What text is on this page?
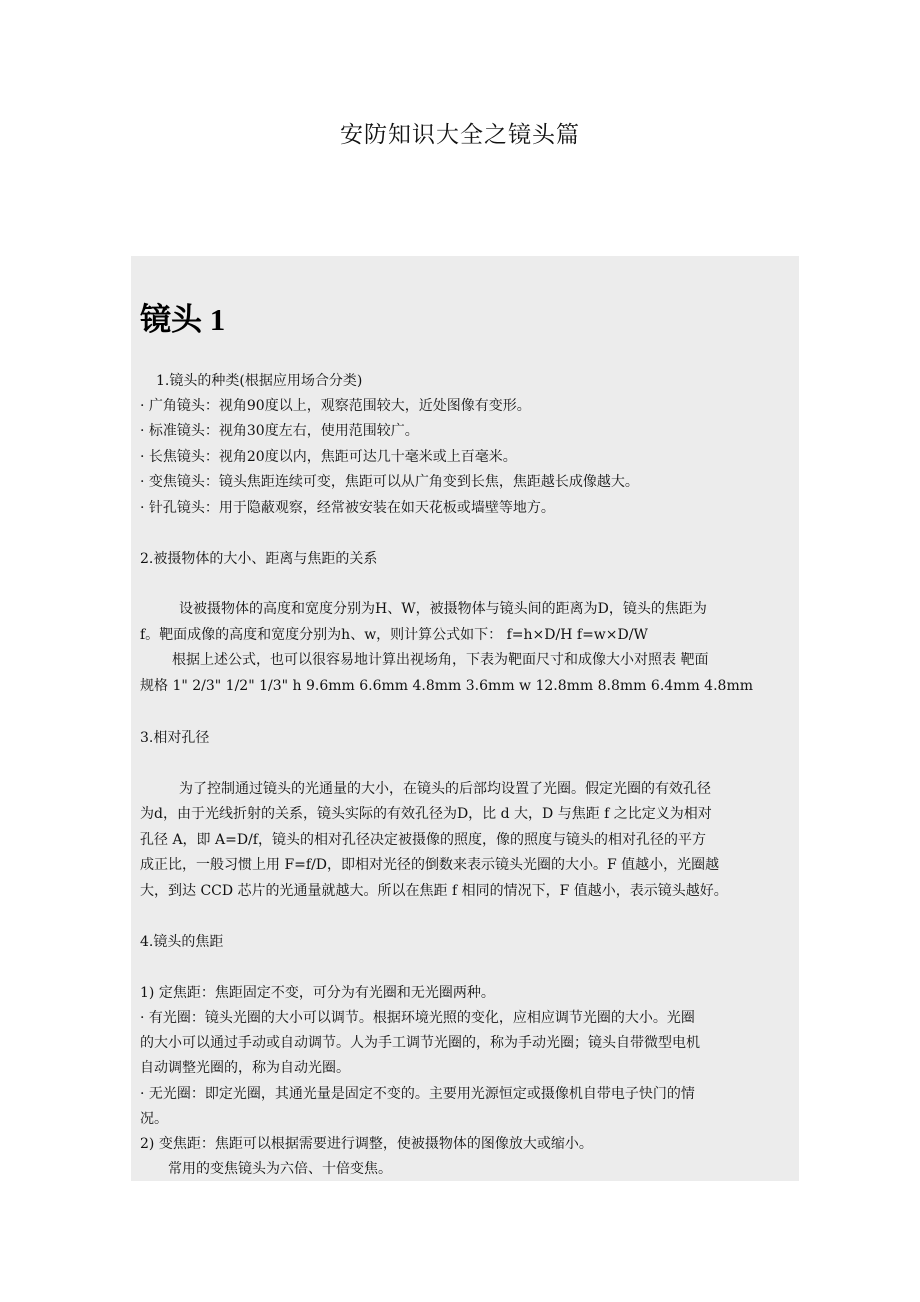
安防知识大全之镜头篇
镜头 1
1.镜头的种类(根据应用场合分类)
· 广角镜头：视角90度以上，观察范围较大，近处图像有变形。
· 标准镜头：视角30度左右，使用范围较广。
· 长焦镜头：视角20度以内，焦距可达几十毫米或上百毫米。
· 变焦镜头：镜头焦距连续可变，焦距可以从广角变到长焦，焦距越长成像越大。
· 针孔镜头：用于隐蔽观察，经常被安装在如天花板或墙壁等地方。
2.被摄物体的大小、距离与焦距的关系
设被摄物体的高度和宽度分别为H、W，被摄物体与镜头间的距离为D，镜头的焦距为
f。靶面成像的高度和宽度分别为h、w，则计算公式如下： f=h×D/H f=w×D/W
根据上述公式，也可以很容易地计算出视场角，下表为靶面尺寸和成像大小对照表 靶面
规格 1" 2/3" 1/2" 1/3" h 9.6mm 6.6mm 4.8mm 3.6mm w 12.8mm 8.8mm 6.4mm 4.8mm
3.相对孔径
为了控制通过镜头的光通量的大小，在镜头的后部均设置了光圈。假定光圈的有效孔径
为d，由于光线折射的关系，镜头实际的有效孔径为D，比 d 大，D 与焦距 f 之比定义为相对
孔径 A，即 A=D/f，镜头的相对孔径决定被摄像的照度，像的照度与镜头的相对孔径的平方
成正比，一般习惯上用 F=f/D，即相对光径的倒数来表示镜头光圈的大小。F 值越小，光圈越
大，到达 CCD 芯片的光通量就越大。所以在焦距 f 相同的情况下，F 值越小，表示镜头越好。
4.镜头的焦距
1) 定焦距：焦距固定不变，可分为有光圈和无光圈两种。
· 有光圈：镜头光圈的大小可以调节。根据环境光照的变化，应相应调节光圈的大小。光圈
的大小可以通过手动或自动调节。人为手工调节光圈的，称为手动光圈；镜头自带微型电机
自动调整光圈的，称为自动光圈。
· 无光圈：即定光圈，其通光量是固定不变的。主要用光源恒定或摄像机自带电子快门的情
况。
2) 变焦距：焦距可以根据需要进行调整，使被摄物体的图像放大或缩小。
常用的变焦镜头为六倍、十倍变焦。
